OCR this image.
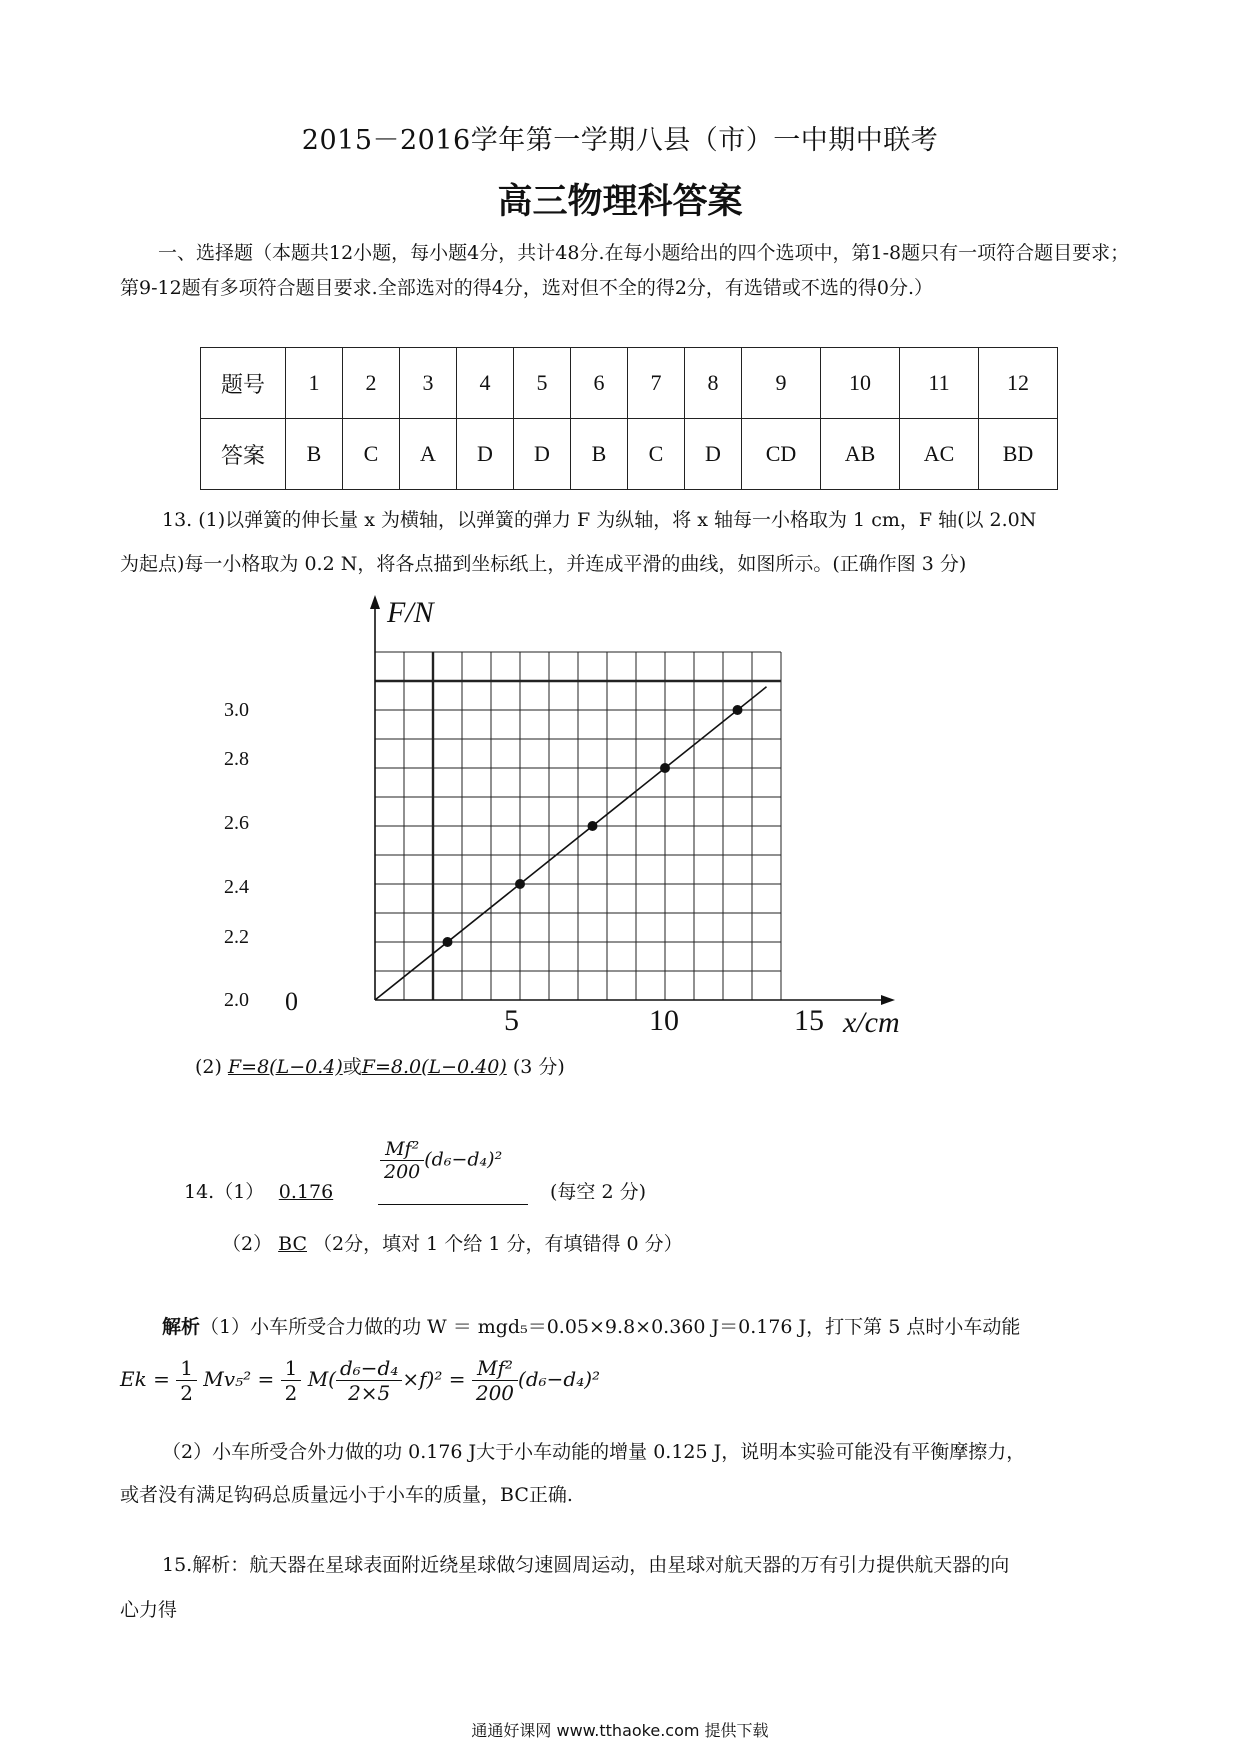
2015－2016学年第一学期八县（市）一中期中联考
高三物理科答案
一、选择题（本题共12小题，每小题4分，共计48分.在每小题给出的四个选项中，第1-8题只有一项符合题目要求；第9-12题有多项符合题目要求.全部选对的得4分，选对但不全的得2分，有选错或不选的得0分.）
题号	1	2	3	4	5	6	7	8	9	10	11	12
答案	B	C	A	D	D	B	C	D	CD	AB	AC	BD
13. (1)以弹簧的伸长量 x 为横轴，以弹簧的弹力 F 为纵轴，将 x 轴每一小格取为 1 cm，F 轴(以 2.0N
为起点)每一小格取为 0.2 N，将各点描到坐标纸上，并连成平滑的曲线，如图所示。(正确作图 3 分)
0
5	10	15
2.0
2.2
2.4
2.6
2.8
3.0
x/cm
F/N
(2) F=8(L−0.4)或F=8.0(L−0.40) (3 分)
14.（1） 0.176
$\frac{\text{Mf²}}{200} (d_6-d_4)^2$
(每空 2 分)
（2） BC （2分，填对 1 个给 1 分，有填错得 0 分）
解析（1）小车所受合力做的功 W ＝ mgd₅＝0.05×9.8×0.360 J＝0.176 J，打下第 5 点时小车动能
$Ek = \frac{1}{2} Mv_5^2 = \frac{1}{2} M( \frac{\text{d₆−d₄}}{2\times 5} \times f)^2 = \frac{\text{Mf²}}{200} (d_6-d_4)^2$
（2）小车所受合外力做的功 0.176 J大于小车动能的增量 0.125 J，说明本实验可能没有平衡摩擦力，
或者没有满足钩码总质量远小于小车的质量，BC正确.
15.解析：航天器在星球表面附近绕星球做匀速圆周运动，由星球对航天器的万有引力提供航天器的向
心力得
通通好课网 www.tthaoke.com 提供下载
